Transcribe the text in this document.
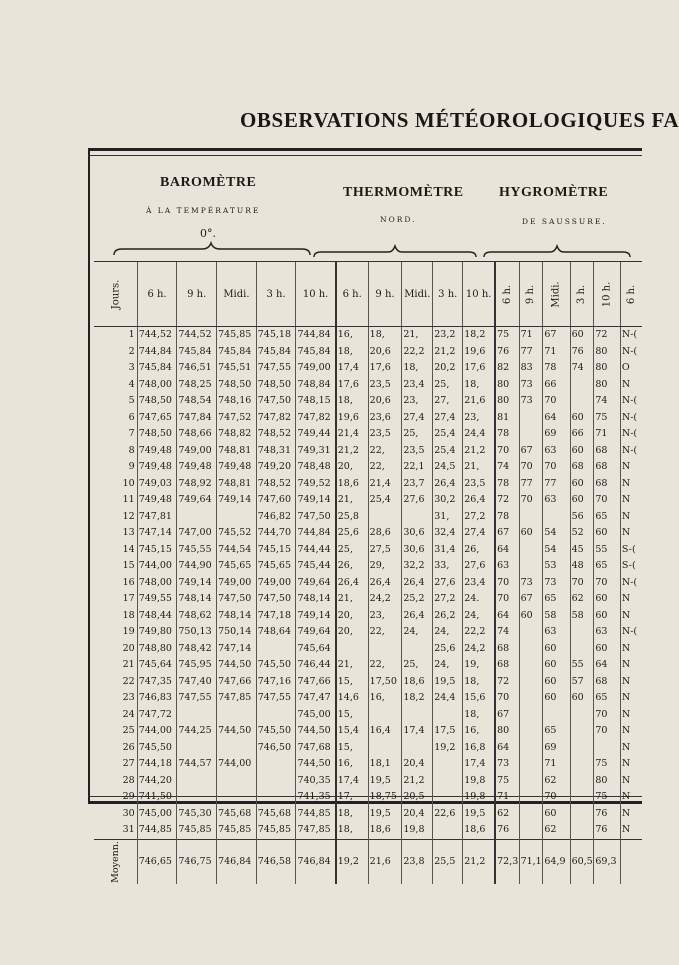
OBSERVATIONS MÉTÉOROLOGIQUES FA
BAROMÈTRE
À LA TEMPÉRATURE
0°.
THERMOMÈTRE
NORD.
HYGROMÈTRE
DE SAUSSURE.
Jours.	6 h.	9 h.	Midi.	3 h.	10 h.	6 h.	9 h.	Midi.	3 h.	10 h.	6 h.	9 h.	Midi.	3 h.	10 h.	6 h.
1	744,52	744,52	745,85	745,18	744,84	16,	18,	21,	23,2	18,2	75	71	67	60	72	N-(
2	744,84	745,84	745,84	745,84	745,84	18,	20,6	22,2	21,2	19,6	76	77	71	76	80	N-(
3	745,84	746,51	745,51	747,55	749,00	17,4	17,6	18,	20,2	17,6	82	83	78	74	80	O
4	748,00	748,25	748,50	748,50	748,84	17,6	23,5	23,4	25,	18,	80	73	66		80	N
5	748,50	748,54	748,16	747,50	748,15	18,	20,6	23,	27,	21,6	80	73	70		74	N-(
6	747,65	747,84	747,52	747,82	747,82	19,6	23,6	27,4	27,4	23,	81		64	60	75	N-(
7	748,50	748,66	748,82	748,52	749,44	21,4	23,5	25,	25,4	24,4	78		69	66	71	N-(
8	749,48	749,00	748,81	748,31	749,31	21,2	22,	23,5	25,4	21,2	70	67	63	60	68	N-(
9	749,48	749,48	749,48	749,20	748,48	20,	22,	22,1	24,5	21,	74	70	70	68	68	N
10	749,03	748,92	748,81	748,52	749,52	18,6	21,4	23,7	26,4	23,5	78	77	77	60	68	N
11	749,48	749,64	749,14	747,60	749,14	21,	25,4	27,6	30,2	26,4	72	70	63	60	70	N
12	747,81			746,82	747,50	25,8			31,	27,2	78			56	65	N
13	747,14	747,00	745,52	744,70	744,84	25,6	28,6	30,6	32,4	27,4	67	60	54	52	60	N
14	745,15	745,55	744,54	745,15	744,44	25,	27,5	30,6	31,4	26,	64		54	45	55	S-(
15	744,00	744,90	745,65	745,65	745,44	26,	29,	32,2	33,	27,6	63		53	48	65	S-(
16	748,00	749,14	749,00	749,00	749,64	26,4	26,4	26,4	27,6	23,4	70	73	73	70	70	N-(
17	749,55	748,14	747,50	747,50	748,14	21,	24,2	25,2	27,2	24.	70	67	65	62	60	N
18	748,44	748,62	748,14	747,18	749,14	20,	23,	26,4	26,2	24,	64	60	58	58	60	N
19	749,80	750,13	750,14	748,64	749,64	20,	22,	24,	24,	22,2	74		63		63	N-(
20	748,80	748,42	747,14		745,64				25,6	24,2	68		60		60	N
21	745,64	745,95	744,50	745,50	746,44	21,	22,	25,	24,	19,	68		60	55	64	N
22	747,35	747,40	747,66	747,16	747,66	15,	17,50	18,6	19,5	18,	72		60	57	68	N
23	746,83	747,55	747,85	747,55	747,47	14,6	16,	18,2	24,4	15,6	70		60	60	65	N
24	747,72				745,00	15,				18,	67				70	N
25	744,00	744,25	744,50	745,50	744,50	15,4	16,4	17,4	17,5	16,	80		65		70	N
26	745,50			746,50	747,68	15,			19,2	16,8	64		69			N
27	744,18	744,57	744,00		744,50	16,	18,1	20,4		17,4	73		71		75	N
28	744,20				740,35	17,4	19,5	21,2		19,8	75		62		80	N
29	741,50				741,35	17,	18,75	20,5		19,8	71		70		75	N
30	745,00	745,30	745,68	745,68	744,85	18,	19,5	20,4	22,6	19,5	62		60		76	N
31	744,85	745,85	745,85	745,85	747,85	18,	18,6	19,8		18,6	76		62		76	N
Moyenn.	746,65	746,75	746,84	746,58	746,84	19,2	21,6	23,8	25,5	21,2	72,3	71,1	64,9	60,5	69,3	
